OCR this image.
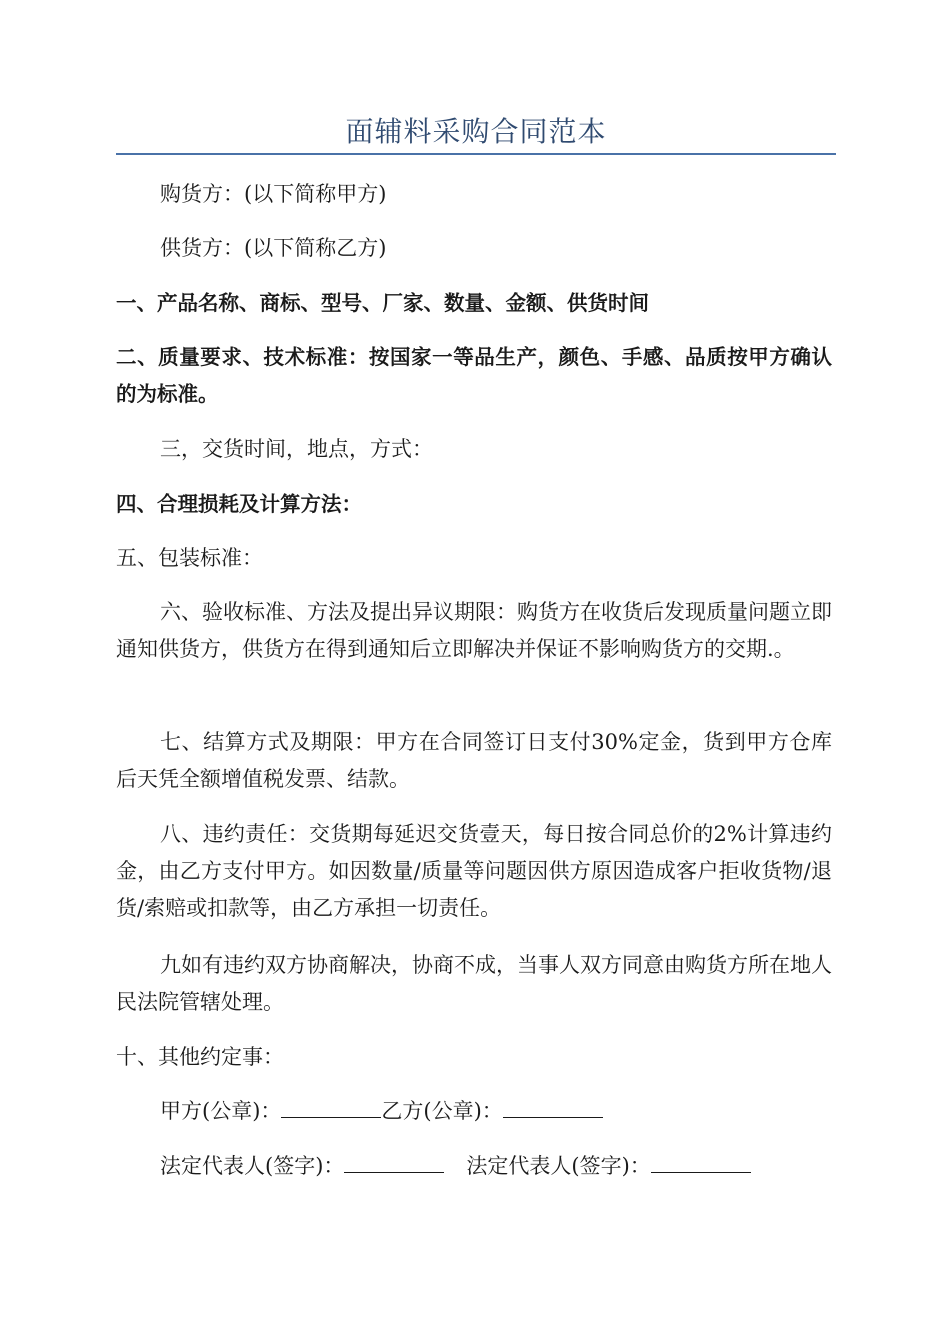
面辅料采购合同范本

购货方：(以下简称甲方)

供货方：(以下简称乙方)

一、产品名称、商标、型号、厂家、数量、金额、供货时间

二、质量要求、技术标准：按国家一等品生产，颜色、手感、品质按甲方确认的为标准。

三，交货时间，地点，方式：

四、合理损耗及计算方法：

五、包装标准：

六、验收标准、方法及提出异议期限：购货方在收货后发现质量问题立即通知供货方，供货方在得到通知后立即解决并保证不影响购货方的交期.。

七、结算方式及期限：甲方在合同签订日支付30%定金，货到甲方仓库后天凭全额增值税发票、结款。

八、违约责任：交货期每延迟交货壹天，每日按合同总价的2%计算违约金，由乙方支付甲方。如因数量/质量等问题因供方原因造成客户拒收货物/退货/索赔或扣款等，由乙方承担一切责任。

九如有违约双方协商解决，协商不成，当事人双方同意由购货方所在地人民法院管辖处理。

十、其他约定事：

甲方(公章)：	乙方(公章)：
法定代表人(签字)：	法定代表人(签字)：
